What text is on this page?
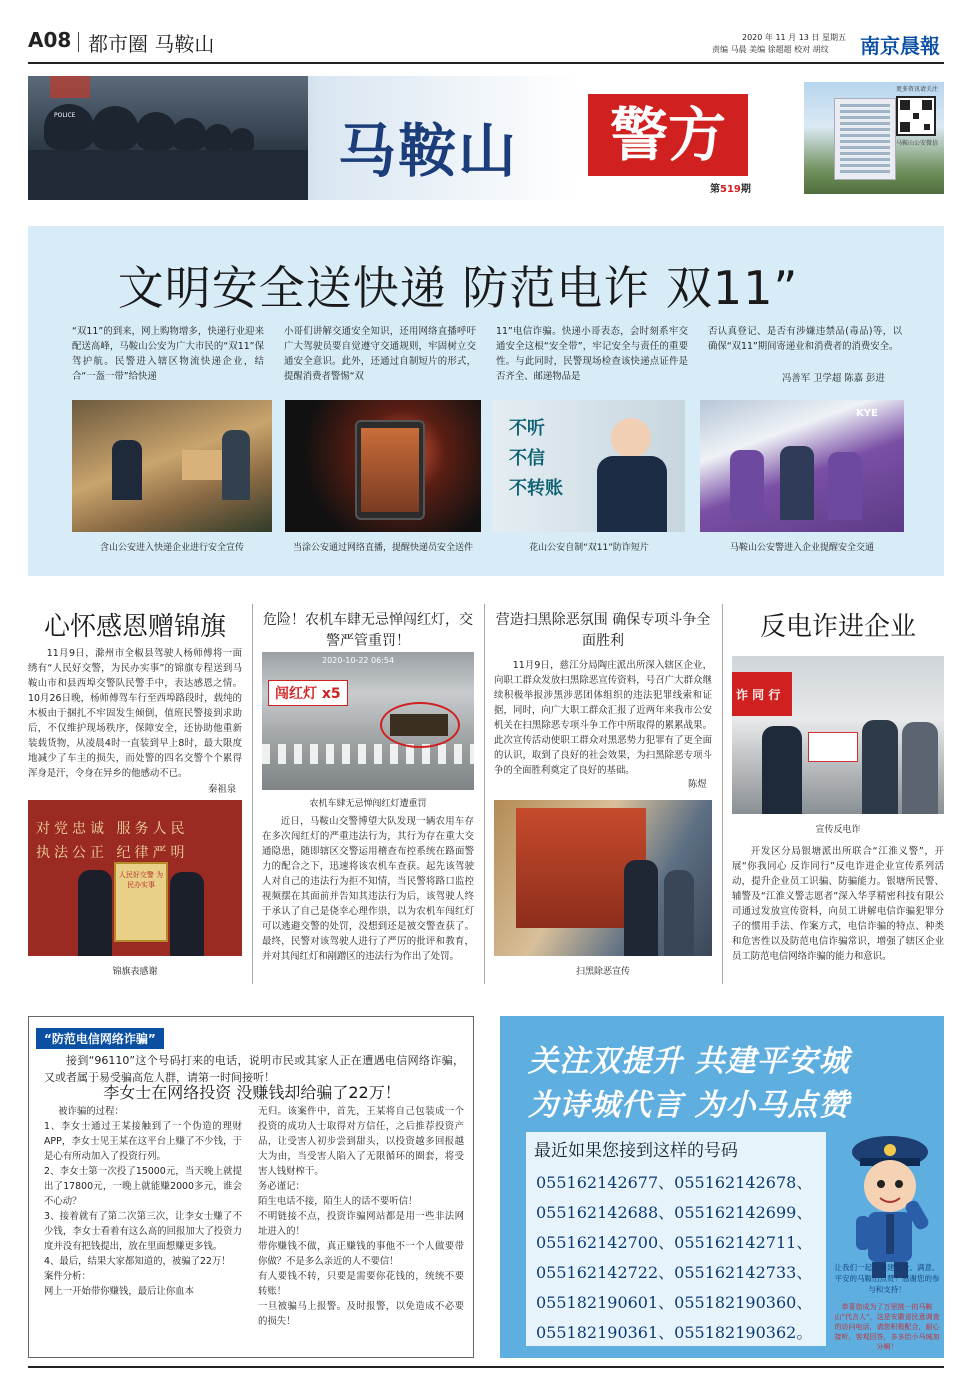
A08 都市圈 马鞍山	2020 年 11 月 13 日 星期五
责编 马晨 美编 徐超超 校对 胡纹 南京晨報
POLICE
马鞍山	警方
第519期
更多资讯请关注
马鞍山公安微信
文明安全送快递 防范电诈 双11”

“双11”的到来，网上购物增多，快递行业迎来配送高峰，马鞍山公安为广大市民的“双11”保驾护航。民警进入辖区物流快递企业，结合“一盔一带”给快递

小哥们讲解交通安全知识，还用网络直播呼吁广大驾驶员要自觉遵守交通规则，牢固树立交通安全意识。此外，还通过自制短片的形式，提醒消费者警惕“双

11”电信诈骗。快递小哥表态，会时刻系牢交通安全这根“安全带”，牢记安全与责任的重要性。与此同时，民警现场检查该快递点证件是否齐全、邮递物品是

否认真登记、是否有涉嫌违禁品(毒品)等，以确保“双11”期间寄递业和消费者的消费安全。

冯善军 卫学超 陈嘉 彭进
不听
不信
不转账
KYE
含山公安进入快递企业进行安全宣传	当涂公安通过网络直播，提醒快递员安全送件	花山公安自制“双11”防诈短片	马鞍山公安警进入企业提醒安全交通
心怀感恩赠锦旗

11月9日，滁州市全椒县驾驶人杨师傅将一面绣有“人民好交警，为民办实事”的锦旗专程送到马鞍山市和县西埠交警队民警手中，表达感恩之情。10月26日晚，杨师傅驾车行至西埠路段时，载纯的木板由于捆扎不牢固发生倾倒，值班民警接到求助后，不仅维护现场秩序，保障安全，还协助他重新装载货物，从凌晨4时一直装到早上8时，最大限度地减少了车主的损失，而处警的四名交警个个累得浑身是汗，令身在异乡的他感动不已。

秦祖泉
对党忠诚 服务人民
执法公正 纪律严明
人民好交警 为民办实事
锦旗表感谢
危险！农机车肆无忌惮闯红灯，交警严管重罚！
2020-10-22 06:54
闯红灯 x5
农机车肆无忌惮闯红灯遭重罚

近日，马鞍山交警博望大队发现一辆农用车存在多次闯红灯的严重违法行为，其行为存在重大交通隐患，随即辖区交警运用稽查布控系统在路面警力的配合之下，迅速将该农机车查获。起先该驾驶人对自己的违法行为拒不知情，当民警将路口监控视频摆在其面前并告知其违法行为后，该驾驶人终于承认了自己是侥幸心理作祟，以为农机车闯红灯可以逃避交警的处罚，没想到还是被交警查获了。最终，民警对该驾驶人进行了严厉的批评和教育，并对其闯红灯和剐蹭区的违法行为作出了处罚。

营造扫黑除恶氛围 确保专项斗争全面胜利

11月9日，慈江分局陶庄派出所深入辖区企业，向职工群众发放扫黑除恶宣传资料，号召广大群众继续积极举报涉黑涉恶团体组织的违法犯罪线索和证据，同时，向广大职工群众汇报了近两年来我市公安机关在扫黑除恶专项斗争工作中所取得的累累战果。此次宣传活动使职工群众对黑恶势力犯罪有了更全面的认识，取到了良好的社会效果，为扫黑除恶专项斗争的全面胜利奠定了良好的基础。

陈煜
扫黑除恶宣传
反电诈进企业
诈 同 行
宣传反电诈

开发区分局银塘派出所联合“江淮义警”，开展“你我同心 反诈同行”反电诈进企业宣传系列活动，提升企业员工识骗、防骗能力。银塘所民警、辅警及“江淮义警志愿者”深入华孚精密科技有限公司通过发放宣传资料，向员工讲解电信诈骗犯罪分子的惯用手法、作案方式，电信诈骗的特点、种类和危害性以及防范电信诈骗常识，增强了辖区企业员工防范电信网络诈骗的能力和意识。

“防范电信网络诈骗”

接到“96110”这个号码打来的电话，说明市民或其家人正在遭遇电信网络诈骗，又或者属于易受骗高危人群，请第一时间接听！

李女士在网络投资 没赚钱却给骗了22万！

被诈骗的过程：
1、李女士通过王某接触到了一个伪造的理财APP，李女士见王某在这平台上赚了不少钱，于是心有所动加入了投资行列。
2、李女士第一次投了15000元，当天晚上就提出了17800元，一晚上就能赚2000多元，谁会不心动？
3、接着就有了第二次第三次，让李女士赚了不少钱，李女士看着有这么高的回报加大了投资力度并没有把钱提出，放在里面想赚更多钱。
4、最后，结果大家都知道的，被骗了22万！
案件分析：
网上一开始带你赚钱，最后让你血本

无归。该案件中，首先，王某将自己包装成一个投资的成功人士取得对方信任，之后推荐投资产品，让受害人初步尝到甜头，以投资越多回报越大为由，当受害人陷入了无限循环的圈套，将受害人钱财榨干。
务必谨记：
陌生电话不接，陌生人的话不要听信！
不明链接不点，投资诈骗网站都是用一些非法网址进入的！
带你赚钱不做，真正赚钱的事他不一个人做要带你做？不是多么亲近的人不要信！
有人要钱不转，只要是需要你花钱的，统统不要转账！
一旦被骗马上报警。及时报警，以免造成不必要的损失！

关注双提升 共建平安城
为诗城代言 为小马点赞
最近如果您接到这样的号码
055162142677、055162142678、
055162142688、055162142699、
055162142700、055162142711、
055162142722、055162142733、
055182190601、055182190360、
055182190361、055182190362。
让我们一起为共建安全、满意、平安的马鞍山点赞！感谢您的参与和支持！
恭喜您成为了万里挑一的马鞍山“代言人”，这是安徽省民意调查的访问电话，请您积极配合，耐心接听，客观回答，多多给小马城加分啊！
